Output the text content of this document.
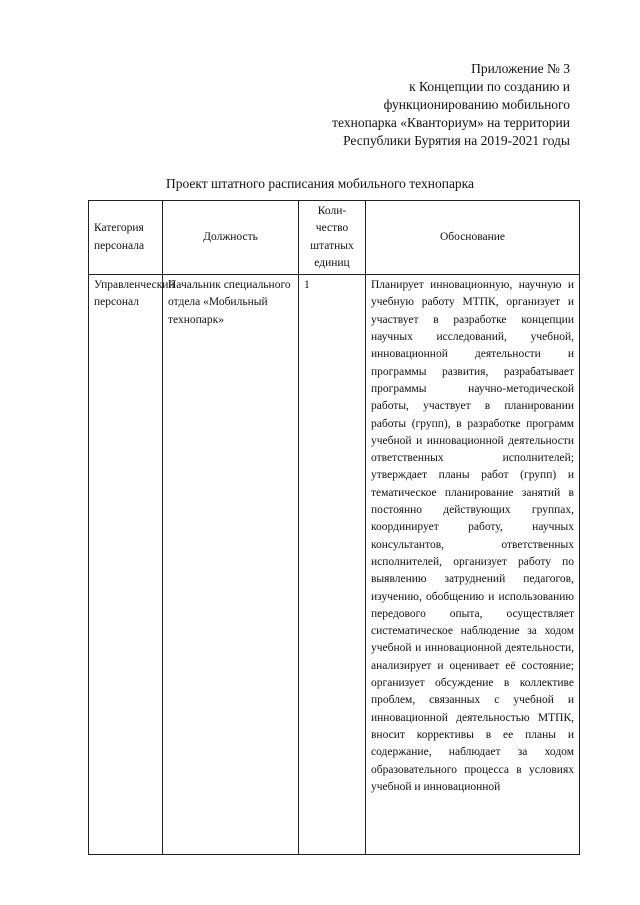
Приложение № 3
к Концепции по созданию и
функционированию мобильного
технопарка «Кванториум» на территории
Республики Бурятия на 2019-2021 годы
Проект штатного расписания мобильного технопарка
Категория персонала	Должность	Коли-чество штатных единиц	Обоснование
Управленческий персонал	Начальник специального отдела «Мобильный технопарк»	1	Планирует инновационную, научную и учебную работу МТПК, организует и участвует в разработке концепции научных исследований, учебной, инновационной деятельности и программы развития, разрабатывает программы научно-методической работы, участвует в планировании работы (групп), в разработке программ учебной и инновационной деятельности ответственных исполнителей; утверждает планы работ (групп) и тематическое планирование занятий в постоянно действующих группах, координирует работу, научных консультантов, ответственных исполнителей, организует работу по выявлению затруднений педагогов, изучению, обобщению и использованию передового опыта, осуществляет систематическое наблюдение за ходом учебной и инновационной деятельности, анализирует и оценивает её состояние; организует обсуждение в коллективе проблем, связанных с учебной и инновационной деятельностью МТПК, вносит коррективы в ее планы и содержание, наблюдает за ходом образовательного процесса в условиях учебной и инновационной
